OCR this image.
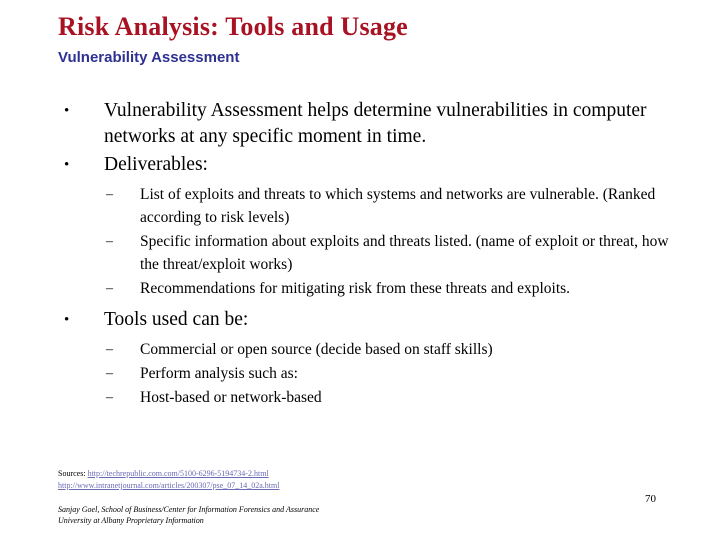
Risk Analysis: Tools and Usage
Vulnerability Assessment
• Vulnerability Assessment helps determine vulnerabilities in computer networks at any specific moment in time.
• Deliverables:
– List of exploits and threats to which systems and networks are vulnerable. (Ranked according to risk levels)
– Specific information about exploits and threats listed. (name of exploit or threat, how the threat/exploit works)
– Recommendations for mitigating risk from these threats and exploits.
• Tools used can be:
– Commercial or open source (decide based on staff skills)
– Perform analysis such as:
– Host-based or network-based
Sources: http://techrepublic.com.com/5100-6296-5194734-2.html
http://www.intranetjournal.com/articles/200307/pse_07_14_02a.html
Sanjay Goel, School of Business/Center for Information Forensics and Assurance
University at Albany Proprietary Information
70
